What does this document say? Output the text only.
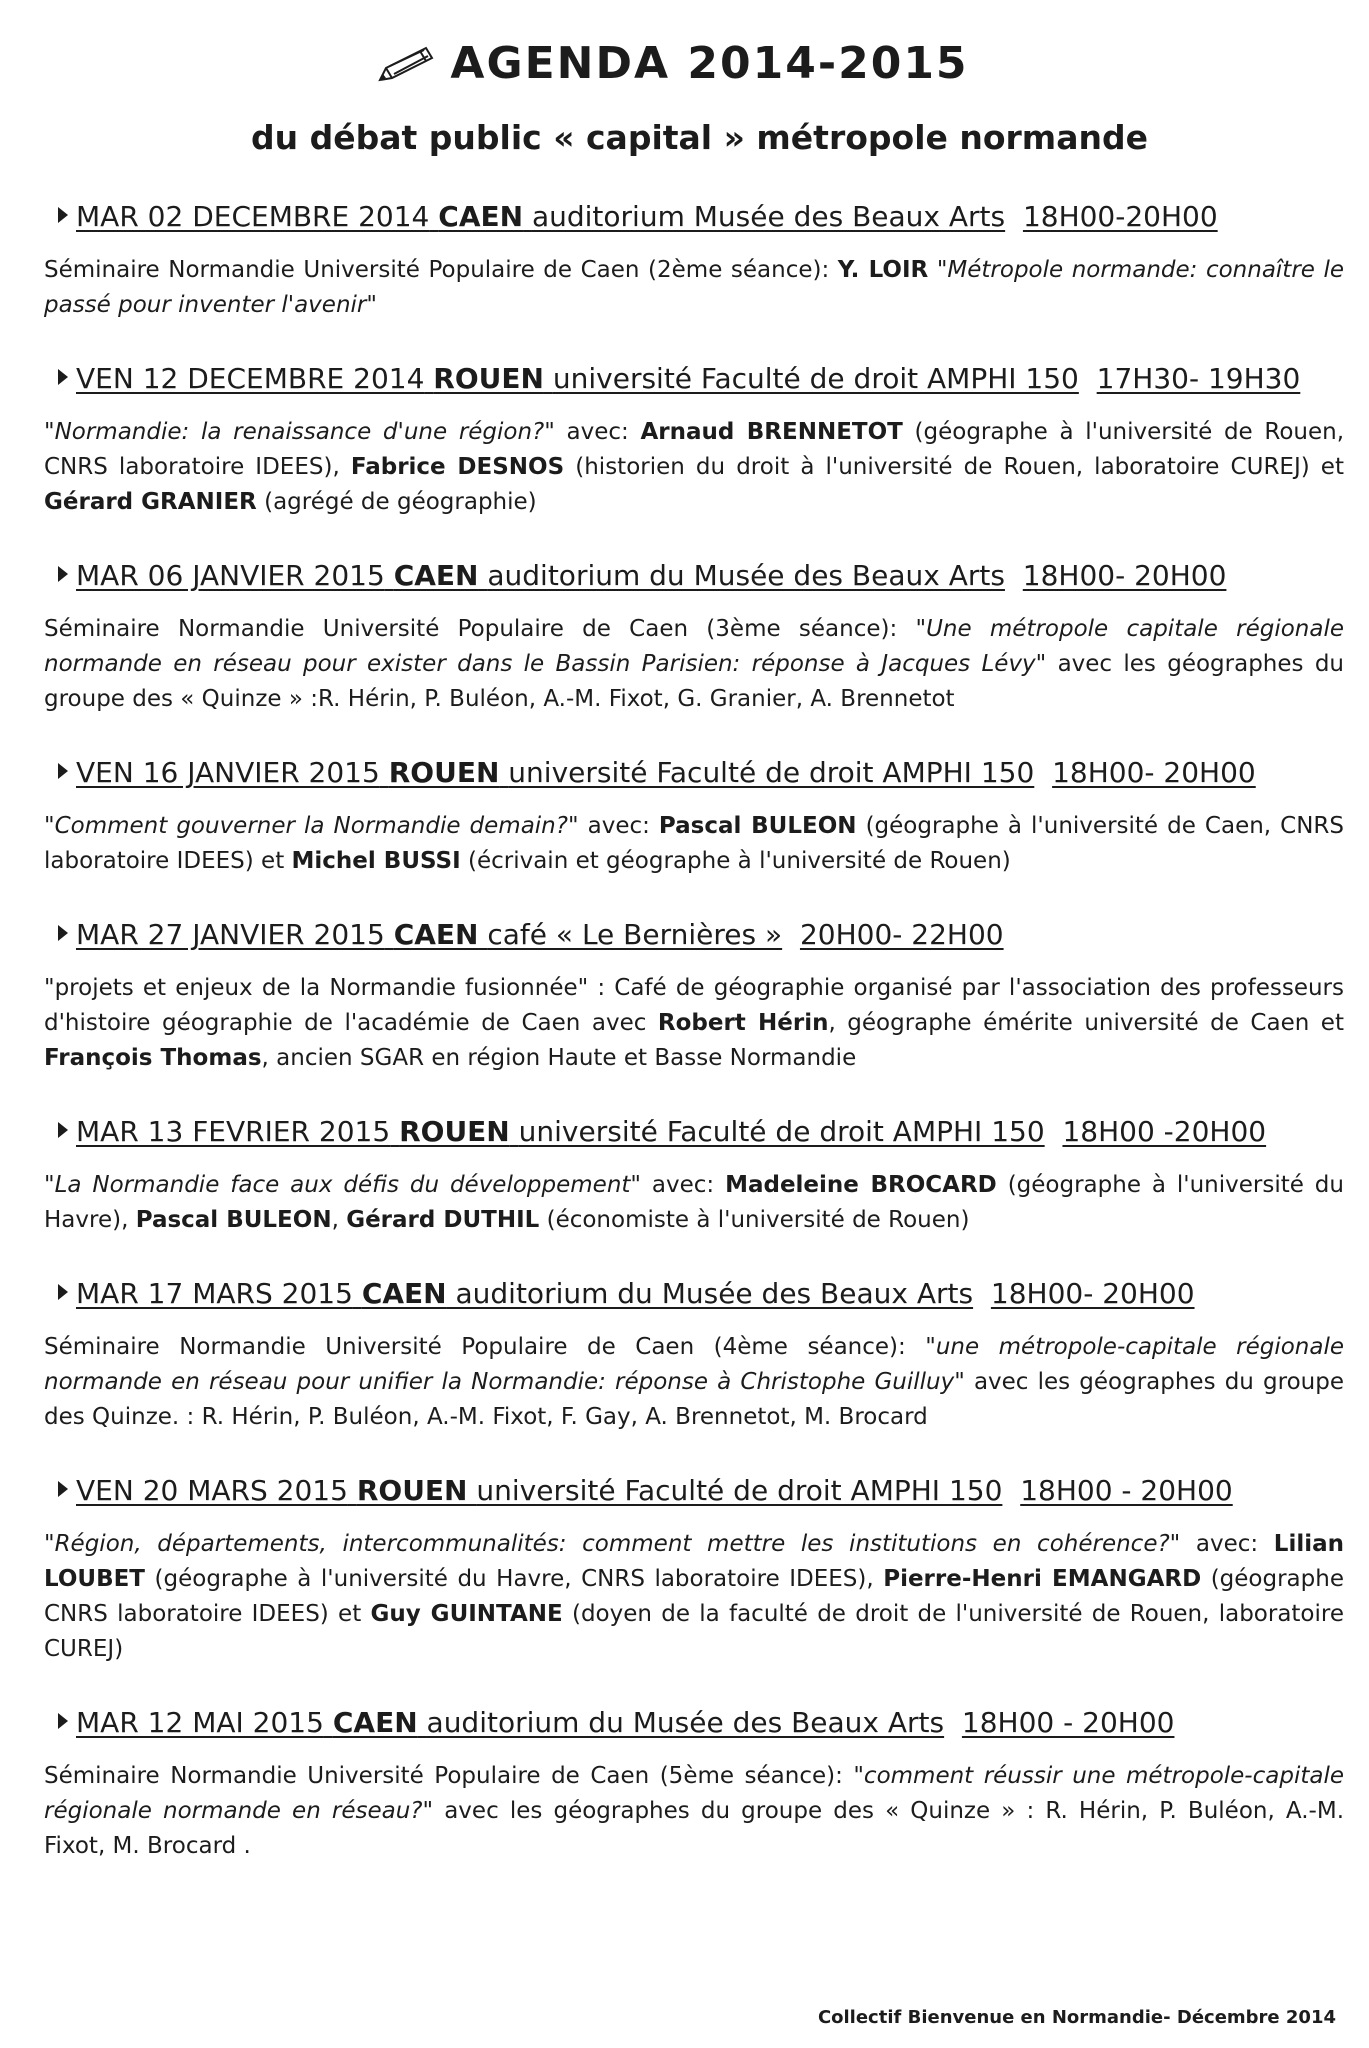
AGENDA 2014-2015
du débat public « capital » métropole normande
MAR 02 DECEMBRE 2014 CAEN auditorium Musée des Beaux Arts 18H00-20H00
Séminaire Normandie Université Populaire de Caen (2ème séance): Y. LOIR "Métropole normande: connaître le passé pour inventer l'avenir"
VEN 12 DECEMBRE 2014 ROUEN université Faculté de droit AMPHI 150 17H30- 19H30
"Normandie: la renaissance d'une région?" avec: Arnaud BRENNETOT (géographe à l'université de Rouen, CNRS laboratoire IDEES), Fabrice DESNOS (historien du droit à l'université de Rouen, laboratoire CUREJ) et Gérard GRANIER (agrégé de géographie)
MAR 06 JANVIER 2015 CAEN auditorium du Musée des Beaux Arts 18H00- 20H00
Séminaire Normandie Université Populaire de Caen (3ème séance): "Une métropole capitale régionale normande en réseau pour exister dans le Bassin Parisien: réponse à Jacques Lévy" avec les géographes du groupe des « Quinze » :R. Hérin, P. Buléon, A.-M. Fixot, G. Granier, A. Brennetot
VEN 16 JANVIER 2015 ROUEN université Faculté de droit AMPHI 150 18H00- 20H00
"Comment gouverner la Normandie demain?" avec: Pascal BULEON (géographe à l'université de Caen, CNRS laboratoire IDEES) et Michel BUSSI (écrivain et géographe à l'université de Rouen)
MAR 27 JANVIER 2015 CAEN café « Le Bernières » 20H00- 22H00
"projets et enjeux de la Normandie fusionnée" : Café de géographie organisé par l'association des professeurs d'histoire géographie de l'académie de Caen avec Robert Hérin, géographe émérite université de Caen et François Thomas, ancien SGAR en région Haute et Basse Normandie
MAR 13 FEVRIER 2015 ROUEN université Faculté de droit AMPHI 150 18H00 -20H00
"La Normandie face aux défis du développement" avec: Madeleine BROCARD (géographe à l'université du Havre), Pascal BULEON, Gérard DUTHIL (économiste à l'université de Rouen)
MAR 17 MARS 2015 CAEN auditorium du Musée des Beaux Arts 18H00- 20H00
Séminaire Normandie Université Populaire de Caen (4ème séance): "une métropole-capitale régionale normande en réseau pour unifier la Normandie: réponse à Christophe Guilluy" avec les géographes du groupe des Quinze. : R. Hérin, P. Buléon, A.-M. Fixot, F. Gay, A. Brennetot, M. Brocard
VEN 20 MARS 2015 ROUEN université Faculté de droit AMPHI 150 18H00 - 20H00
"Région, départements, intercommunalités: comment mettre les institutions en cohérence?" avec: Lilian LOUBET (géographe à l'université du Havre, CNRS laboratoire IDEES), Pierre-Henri EMANGARD (géographe CNRS laboratoire IDEES) et Guy GUINTANE (doyen de la faculté de droit de l'université de Rouen, laboratoire CUREJ)
MAR 12 MAI 2015 CAEN auditorium du Musée des Beaux Arts 18H00 - 20H00
Séminaire Normandie Université Populaire de Caen (5ème séance): "comment réussir une métropole-capitale régionale normande en réseau?" avec les géographes du groupe des « Quinze » : R. Hérin, P. Buléon, A.-M. Fixot, M. Brocard .
Collectif Bienvenue en Normandie- Décembre 2014
